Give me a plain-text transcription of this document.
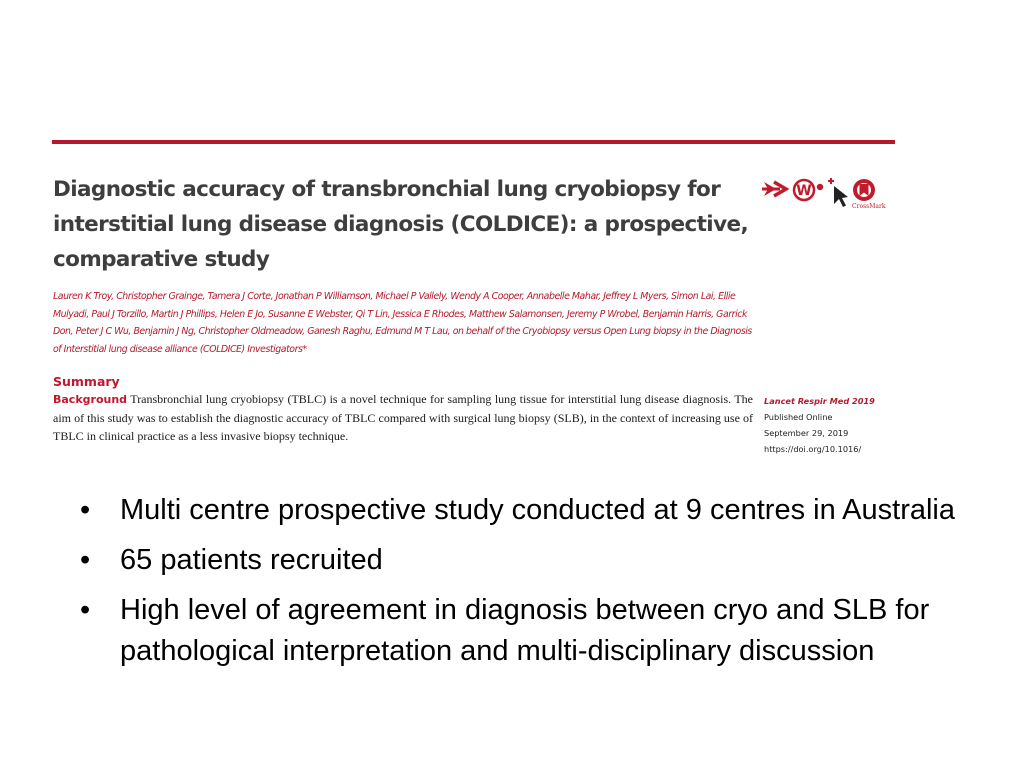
Diagnostic accuracy of transbronchial lung cryobiopsy for interstitial lung disease diagnosis (COLDICE): a prospective, comparative study
W
CrossMark

Lauren K Troy, Christopher Grainge, Tamera J Corte, Jonathan P Williamson, Michael P Vallely, Wendy A Cooper, Annabelle Mahar, Jeffrey L Myers, Simon Lai, Ellie Mulyadi, Paul J Torzillo, Martin J Phillips, Helen E Jo, Susanne E Webster, Qi T Lin, Jessica E Rhodes, Matthew Salamonsen, Jeremy P Wrobel, Benjamin Harris, Garrick Don, Peter J C Wu, Benjamin J Ng, Christopher Oldmeadow, Ganesh Raghu, Edmund M T Lau, on behalf of the Cryobiopsy versus Open Lung biopsy in the Diagnosis of Interstitial lung disease alliance (COLDICE) Investigators*

Summary

Background Transbronchial lung cryobiopsy (TBLC) is a novel technique for sampling lung tissue for interstitial lung disease diagnosis. The aim of this study was to establish the diagnostic accuracy of TBLC compared with surgical lung biopsy (SLB), in the context of increasing use of TBLC in clinical practice as a less invasive biopsy technique.

Lancet Respir Med 2019
Published Online
September 29, 2019
https://doi.org/10.1016/
• Multi centre prospective study conducted at 9 centres in Australia
• 65 patients recruited
• High level of agreement in diagnosis between cryo and SLB for pathological interpretation and multi-disciplinary discussion
